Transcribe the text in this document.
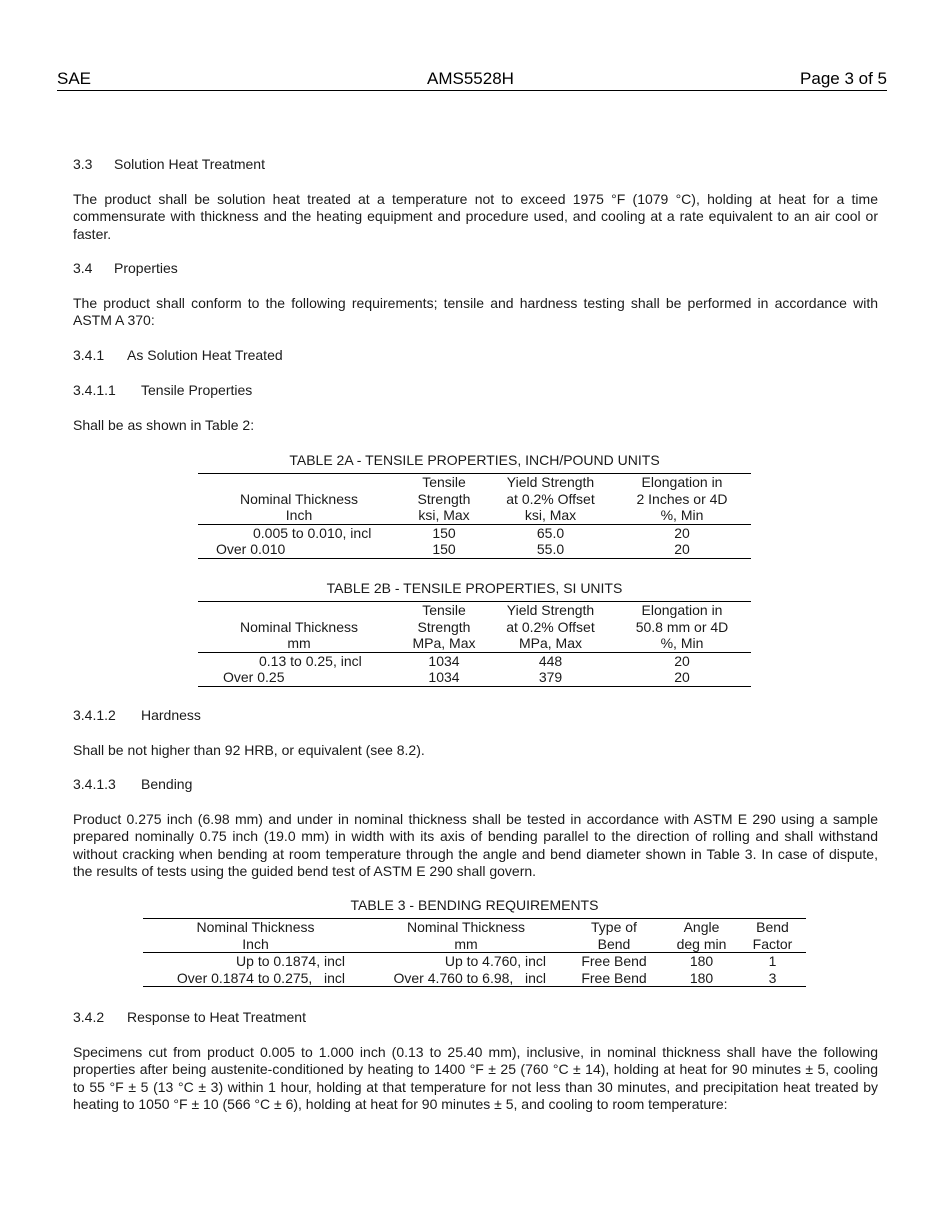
SAE	AMS5528H	Page 3 of 5
3.3 Solution Heat Treatment
The product shall be solution heat treated at a temperature not to exceed 1975 °F (1079 °C), holding at heat for a time commensurate with thickness and the heating equipment and procedure used, and cooling at a rate equivalent to an air cool or faster.
3.4 Properties
The product shall conform to the following requirements; tensile and hardness testing shall be performed in accordance with ASTM A 370:
3.4.1 As Solution Heat Treated
3.4.1.1 Tensile Properties
Shall be as shown in Table 2:
TABLE 2A - TENSILE PROPERTIES, INCH/POUND UNITS
	Tensile	Yield Strength	Elongation in
Nominal Thickness	Strength	at 0.2% Offset	2 Inches or 4D
Inch	ksi, Max	ksi, Max	%, Min
0.005 to 0.010, incl	150	65.0	20
Over 0.010	150	55.0	20
TABLE 2B - TENSILE PROPERTIES, SI UNITS
	Tensile	Yield Strength	Elongation in
Nominal Thickness	Strength	at 0.2% Offset	50.8 mm or 4D
mm	MPa, Max	MPa, Max	%, Min
0.13 to 0.25, incl	1034	448	20
Over 0.25	1034	379	20
3.4.1.2 Hardness
Shall be not higher than 92 HRB, or equivalent (see 8.2).
3.4.1.3 Bending
Product 0.275 inch (6.98 mm) and under in nominal thickness shall be tested in accordance with ASTM E 290 using a sample prepared nominally 0.75 inch (19.0 mm) in width with its axis of bending parallel to the direction of rolling and shall withstand without cracking when bending at room temperature through the angle and bend diameter shown in Table 3. In case of dispute, the results of tests using the guided bend test of ASTM E 290 shall govern.
TABLE 3 - BENDING REQUIREMENTS
Nominal Thickness	Nominal Thickness	Type of	Angle	Bend
Inch	mm	Bend	deg min	Factor
Up to 0.1874, incl	Up to 4.760, incl	Free Bend	180	1
Over 0.1874 to 0.275,   incl	Over 4.760 to 6.98,   incl	Free Bend	180	3
3.4.2 Response to Heat Treatment
Specimens cut from product 0.005 to 1.000 inch (0.13 to 25.40 mm), inclusive, in nominal thickness shall have the following properties after being austenite-conditioned by heating to 1400 °F ± 25 (760 °C ± 14), holding at heat for 90 minutes ± 5, cooling to 55 °F ± 5 (13 °C ± 3) within 1 hour, holding at that temperature for not less than 30 minutes, and precipitation heat treated by heating to 1050 °F ± 10 (566 °C ± 6), holding at heat for 90 minutes ± 5, and cooling to room temperature:
